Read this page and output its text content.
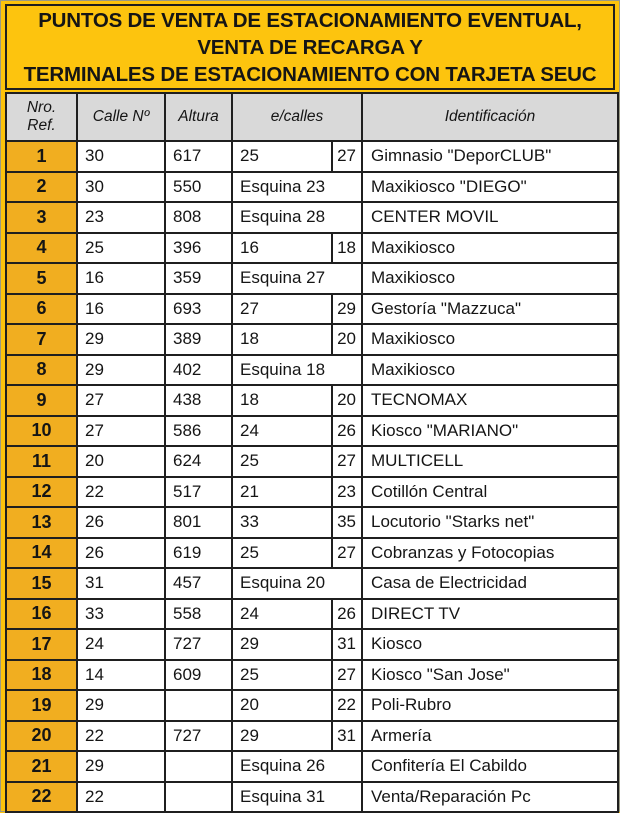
PUNTOS DE VENTA DE ESTACIONAMIENTO EVENTUAL,
VENTA DE RECARGA Y
TERMINALES DE ESTACIONAMIENTO CON TARJETA SEUC
Nro.
Ref.	Calle Nº	Altura	e/calles		Identificación
1	30	617	25	27	Gimnasio "DeporCLUB"
2	30	550	Esquina 23		Maxikiosco "DIEGO"
3	23	808	Esquina 28		CENTER MOVIL
4	25	396	16	18	Maxikiosco
5	16	359	Esquina 27		Maxikiosco
6	16	693	27	29	Gestoría "Mazzuca"
7	29	389	18	20	Maxikiosco
8	29	402	Esquina 18		Maxikiosco
9	27	438	18	20	TECNOMAX
10	27	586	24	26	Kiosco "MARIANO"
11	20	624	25	27	MULTICELL
12	22	517	21	23	Cotillón Central
13	26	801	33	35	Locutorio "Starks net"
14	26	619	25	27	Cobranzas y Fotocopias
15	31	457	Esquina 20		Casa de Electricidad
16	33	558	24	26	DIRECT TV
17	24	727	29	31	Kiosco
18	14	609	25	27	Kiosco "San Jose"
19	29		20	22	Poli-Rubro
20	22	727	29	31	Armería
21	29		Esquina 26		Confitería El Cabildo
22	22		Esquina 31		Venta/Reparación Pc
